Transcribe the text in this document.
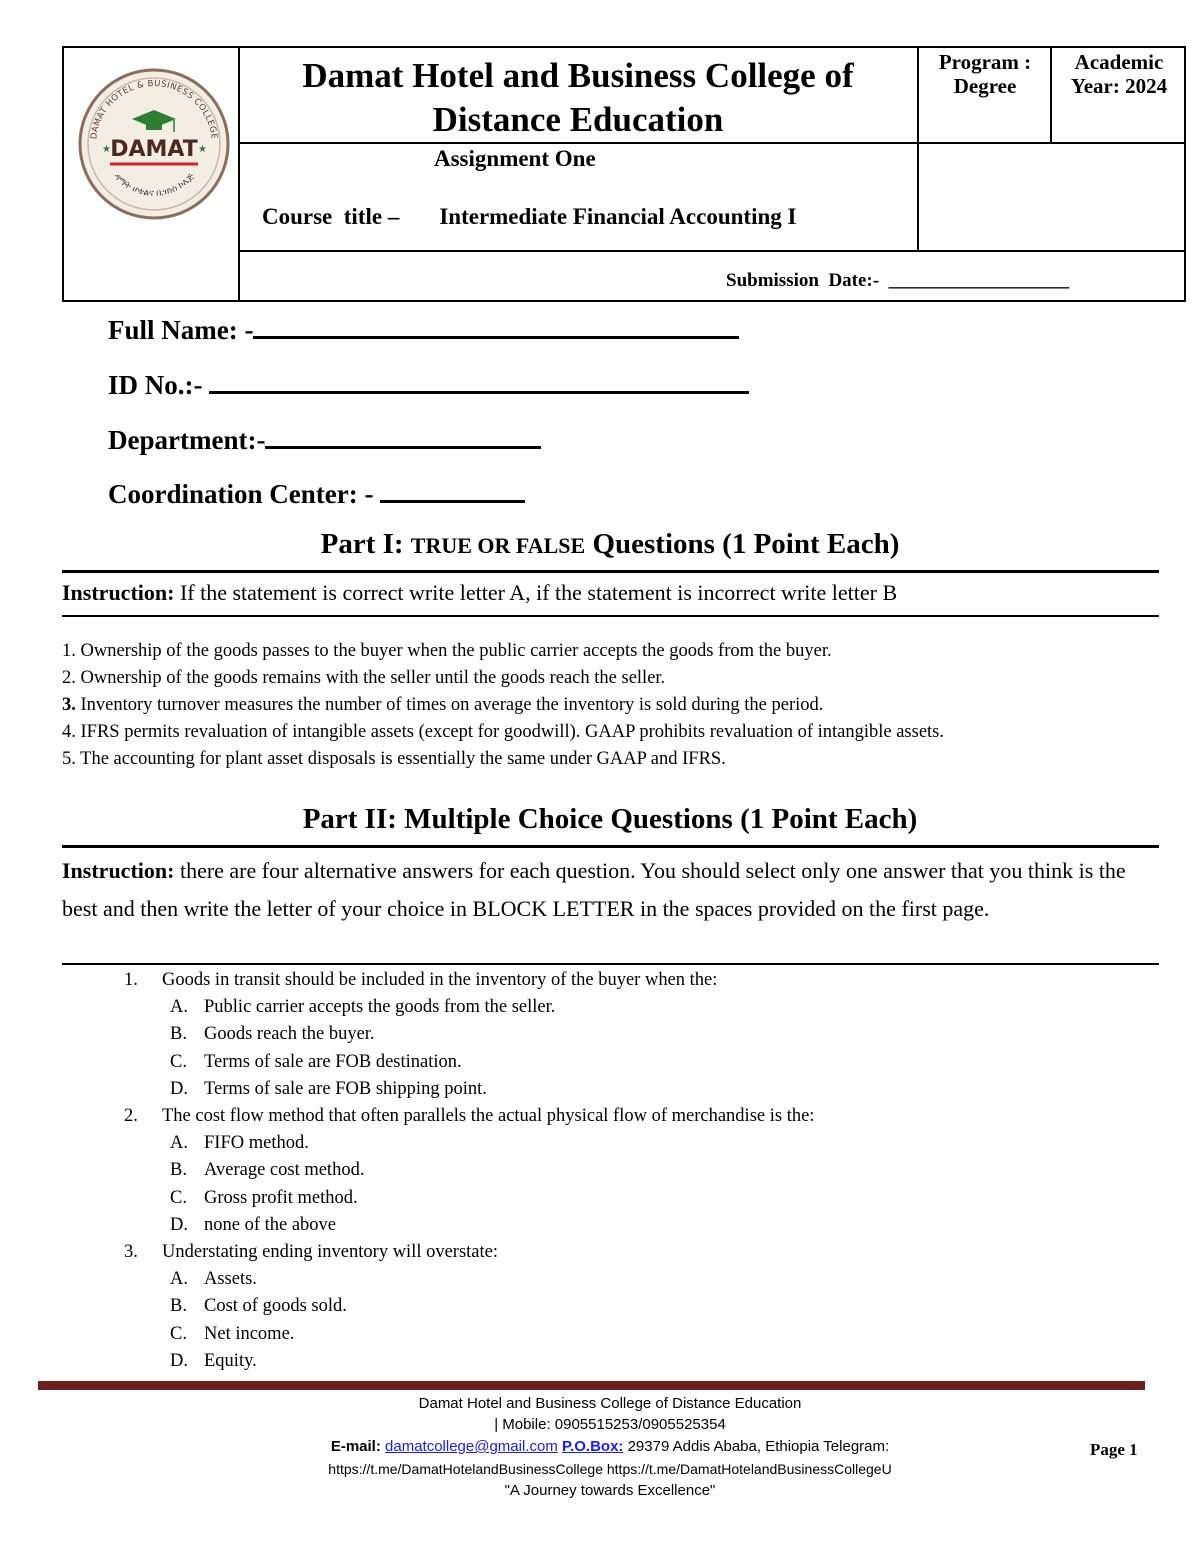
DAMAT HOTEL & BUSINESS COLLEGE
DAMAT
★	★
ዳማት ሆቴልና ቢዝነስ ኮሌጅ
Damat Hotel and Business College of Distance Education
Program : Degree
Academic Year: 2024
Assignment One
Course  title – Intermediate Financial Accounting I
Submission  Date:-  ___________________
Full Name: -
ID No.:-
Department:-
Coordination Center: -
Part I: TRUE OR FALSE Questions (1 Point Each)
Instruction: If the statement is correct write letter A, if the statement is incorrect write letter B
1. Ownership of the goods passes to the buyer when the public carrier accepts the goods from the buyer.
2. Ownership of the goods remains with the seller until the goods reach the seller.
3. Inventory turnover measures the number of times on average the inventory is sold during the period.
4. IFRS permits revaluation of intangible assets (except for goodwill). GAAP prohibits revaluation of intangible assets.
5. The accounting for plant asset disposals is essentially the same under GAAP and IFRS.
Part II: Multiple Choice Questions (1 Point Each)
Instruction: there are four alternative answers for each question. You should select only one answer that you think is the best and then write the letter of your choice in BLOCK LETTER in the spaces provided on the first page.
1. Goods in transit should be included in the inventory of the buyer when the:
A. Public carrier accepts the goods from the seller.
B. Goods reach the buyer.
C. Terms of sale are FOB destination.
D. Terms of sale are FOB shipping point.
2. The cost flow method that often parallels the actual physical flow of merchandise is the:
A. FIFO method.
B. Average cost method.
C. Gross profit method.
D. none of the above
3. Understating ending inventory will overstate:
A. Assets.
B. Cost of goods sold.
C. Net income.
D. Equity.
Damat Hotel and Business College of Distance Education
| Mobile: 0905515253/0905525354
E-mail: damatcollege@gmail.com P.O.Box: 29379 Addis Ababa, Ethiopia Telegram:
https://t.me/DamatHotelandBusinessCollege https://t.me/DamatHotelandBusinessCollegeU
"A Journey towards Excellence"
Page 1
